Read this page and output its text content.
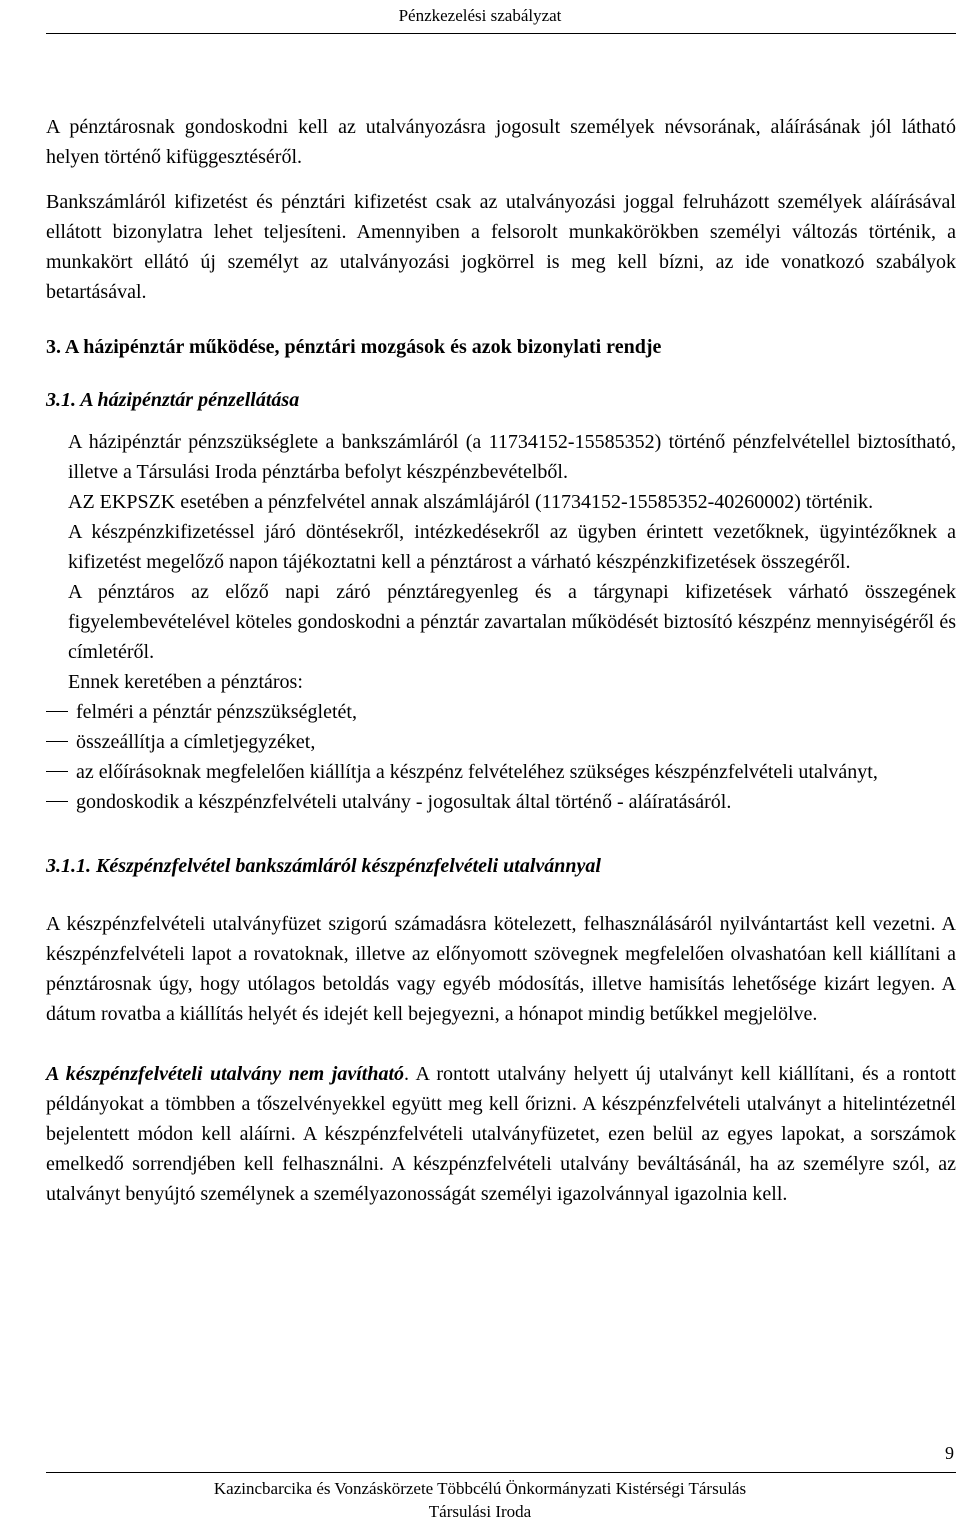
Pénzkezelési szabályzat

A pénztárosnak gondoskodni kell az utalványozásra jogosult személyek névsorának, aláírásának jól látható helyen történő kifüggesztéséről.

Bankszámláról kifizetést és pénztári kifizetést csak az utalványozási joggal felruházott személyek aláírásával ellátott bizonylatra lehet teljesíteni. Amennyiben a felsorolt munkakörökben személyi változás történik, a munkakört ellátó új személyt az utalványozási jogkörrel is meg kell bízni, az ide vonatkozó szabályok betartásával.

3. A házipénztár működése, pénztári mozgások és azok bizonylati rendje
3.1. A házipénztár pénzellátása

A házipénztár pénzszükséglete a bankszámláról (a 11734152-15585352) történő pénzfelvétellel biztosítható, illetve a Társulási Iroda pénztárba befolyt készpénzbevételből.

AZ EKPSZK esetében a pénzfelvétel annak alszámlájáról (11734152-15585352-40260002) történik.

A készpénzkifizetéssel járó döntésekről, intézkedésekről az ügyben érintett vezetőknek, ügyintézőknek a kifizetést megelőző napon tájékoztatni kell a pénztárost a várható készpénzkifizetések összegéről.

A pénztáros az előző napi záró pénztáregyenleg és a tárgynapi kifizetések várható összegének figyelembevételével köteles gondoskodni a pénztár zavartalan működését biztosító készpénz mennyiségéről és címletéről.

Ennek keretében a pénztáros:

felméri a pénztár pénzszükségletét,
összeállítja a címletjegyzéket,
az előírásoknak megfelelően kiállítja a készpénz felvételéhez szükséges készpénzfelvételi utalványt,
gondoskodik a készpénzfelvételi utalvány - jogosultak által történő - aláíratásáról.
3.1.1. Készpénzfelvétel bankszámláról készpénzfelvételi utalvánnyal

A készpénzfelvételi utalványfüzet szigorú számadásra kötelezett, felhasználásáról nyilvántartást kell vezetni. A készpénzfelvételi lapot a rovatoknak, illetve az előnyomott szövegnek megfelelően olvashatóan kell kiállítani a pénztárosnak úgy, hogy utólagos betoldás vagy egyéb módosítás, illetve hamisítás lehetősége kizárt legyen. A dátum rovatba a kiállítás helyét és idejét kell bejegyezni, a hónapot mindig betűkkel megjelölve.

A készpénzfelvételi utalvány nem javítható. A rontott utalvány helyett új utalványt kell kiállítani, és a rontott példányokat a tömbben a tőszelvényekkel együtt meg kell őrizni. A készpénzfelvételi utalványt a hitelintézetnél bejelentett módon kell aláírni. A készpénzfelvételi utalványfüzetet, ezen belül az egyes lapokat, a sorszámok emelkedő sorrendjében kell felhasználni. A készpénzfelvételi utalvány beváltásánál, ha az személyre szól, az utalványt benyújtó személynek a személyazonosságát személyi igazolvánnyal igazolnia kell.

9
Kazincbarcika és Vonzáskörzete Többcélú Önkormányzati Kistérségi Társulás
Társulási Iroda
